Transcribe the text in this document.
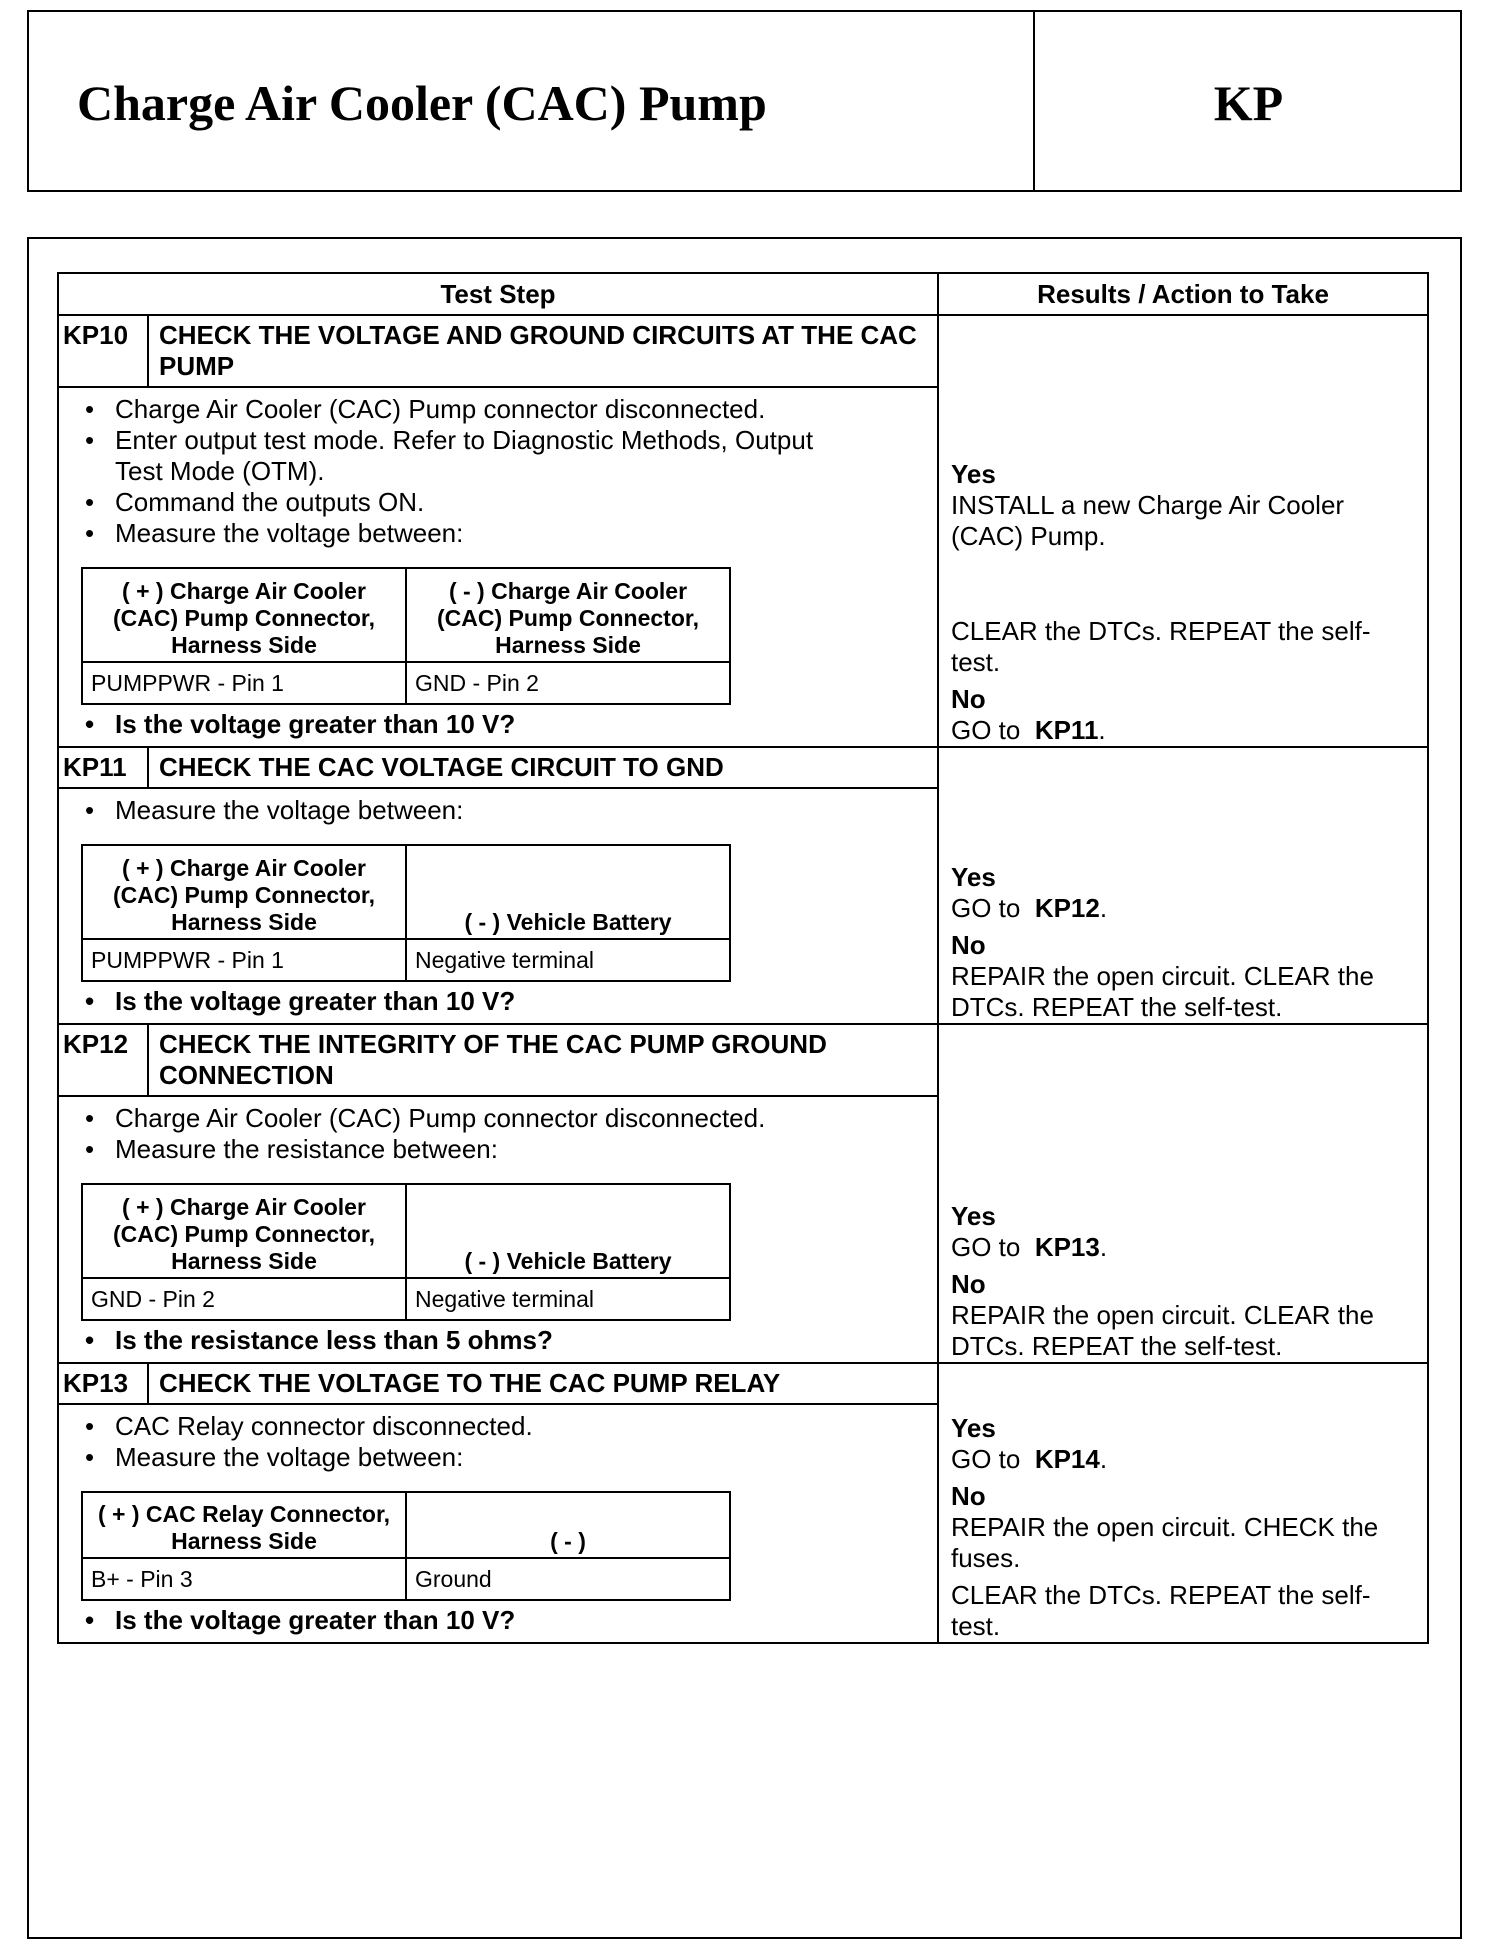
Charge Air Cooler (CAC) Pump	KP
Test Step	Results / Action to Take
KP10	CHECK THE VOLTAGE AND GROUND CIRCUITS AT THE CAC PUMP	
Yes
INSTALL a new Charge Air Cooler (CAC) Pump.
CLEAR the DTCs. REPEAT the self-test.
No
GO to KP11.

• Charge Air Cooler (CAC) Pump connector disconnected.
• Enter output test mode. Refer to Diagnostic Methods, Output Test Mode (OTM).
• Command the outputs ON.
• Measure the voltage between:
( + ) Charge Air Cooler (CAC) Pump Connector, Harness Side	( - ) Charge Air Cooler (CAC) Pump Connector, Harness Side
PUMPPWR - Pin 1	GND - Pin 2
• Is the voltage greater than 10 V?

KP11	CHECK THE CAC VOLTAGE CIRCUIT TO GND	
Yes
GO to KP12.
No
REPAIR the open circuit. CLEAR the DTCs. REPEAT the self-test.

• Measure the voltage between:
( + ) Charge Air Cooler (CAC) Pump Connector, Harness Side	( - ) Vehicle Battery
PUMPPWR - Pin 1	Negative terminal
• Is the voltage greater than 10 V?

KP12	CHECK THE INTEGRITY OF THE CAC PUMP GROUND CONNECTION	
Yes
GO to KP13.
No
REPAIR the open circuit. CLEAR the DTCs. REPEAT the self-test.

• Charge Air Cooler (CAC) Pump connector disconnected.
• Measure the resistance between:
( + ) Charge Air Cooler (CAC) Pump Connector, Harness Side	( - ) Vehicle Battery
GND - Pin 2	Negative terminal
• Is the resistance less than 5 ohms?

KP13	CHECK THE VOLTAGE TO THE CAC PUMP RELAY	
Yes
GO to KP14.
No
REPAIR the open circuit. CHECK the fuses.
CLEAR the DTCs. REPEAT the self-test.

• CAC Relay connector disconnected.
• Measure the voltage between:
( + ) CAC Relay Connector, Harness Side	( - )
B+ - Pin 3	Ground
• Is the voltage greater than 10 V?
